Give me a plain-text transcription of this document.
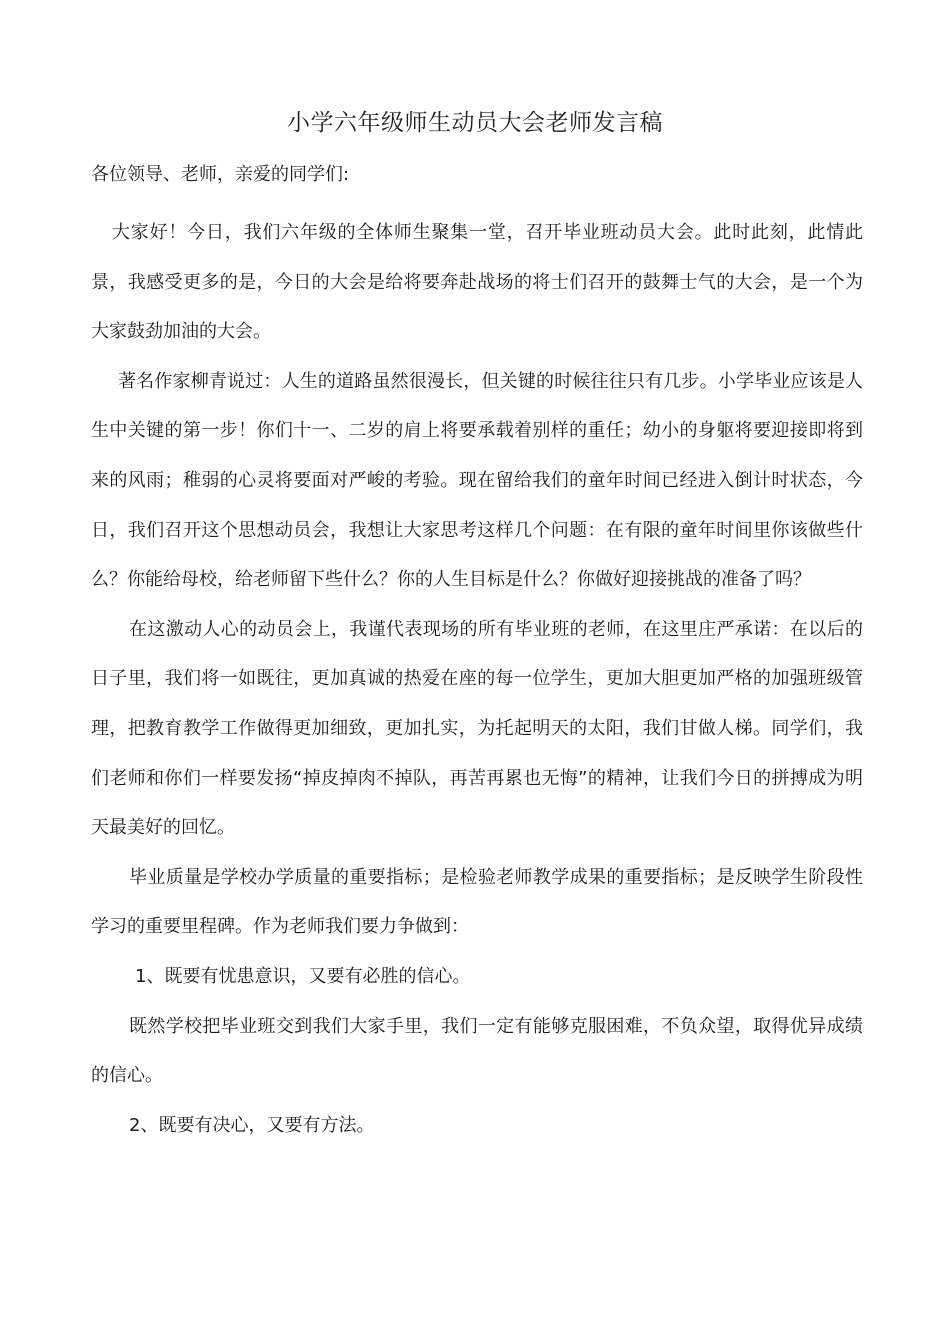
小学六年级师生动员大会老师发言稿

各位领导、老师，亲爱的同学们:

大家好！今日，我们六年级的全体师生聚集一堂，召开毕业班动员大会。此时此刻，此情此景，我感受更多的是，今日的大会是给将要奔赴战场的将士们召开的鼓舞士气的大会，是一个为大家鼓劲加油的大会。

著名作家柳青说过：人生的道路虽然很漫长，但关键的时候往往只有几步。小学毕业应该是人生中关键的第一步！你们十一、二岁的肩上将要承载着别样的重任；幼小的身躯将要迎接即将到来的风雨；稚弱的心灵将要面对严峻的考验。现在留给我们的童年时间已经进入倒计时状态，今日，我们召开这个思想动员会，我想让大家思考这样几个问题：在有限的童年时间里你该做些什么？你能给母校，给老师留下些什么？你的人生目标是什么？你做好迎接挑战的准备了吗？

在这激动人心的动员会上，我谨代表现场的所有毕业班的老师，在这里庄严承诺：在以后的日子里，我们将一如既往，更加真诚的热爱在座的每一位学生，更加大胆更加严格的加强班级管理，把教育教学工作做得更加细致，更加扎实，为托起明天的太阳，我们甘做人梯。同学们，我们老师和你们一样要发扬“掉皮掉肉不掉队，再苦再累也无悔”的精神，让我们今日的拼搏成为明天最美好的回忆。

毕业质量是学校办学质量的重要指标；是检验老师教学成果的重要指标；是反映学生阶段性学习的重要里程碑。作为老师我们要力争做到：

1、既要有忧患意识，又要有必胜的信心。

既然学校把毕业班交到我们大家手里，我们一定有能够克服困难，不负众望，取得优异成绩的信心。

2、既要有决心，又要有方法。
